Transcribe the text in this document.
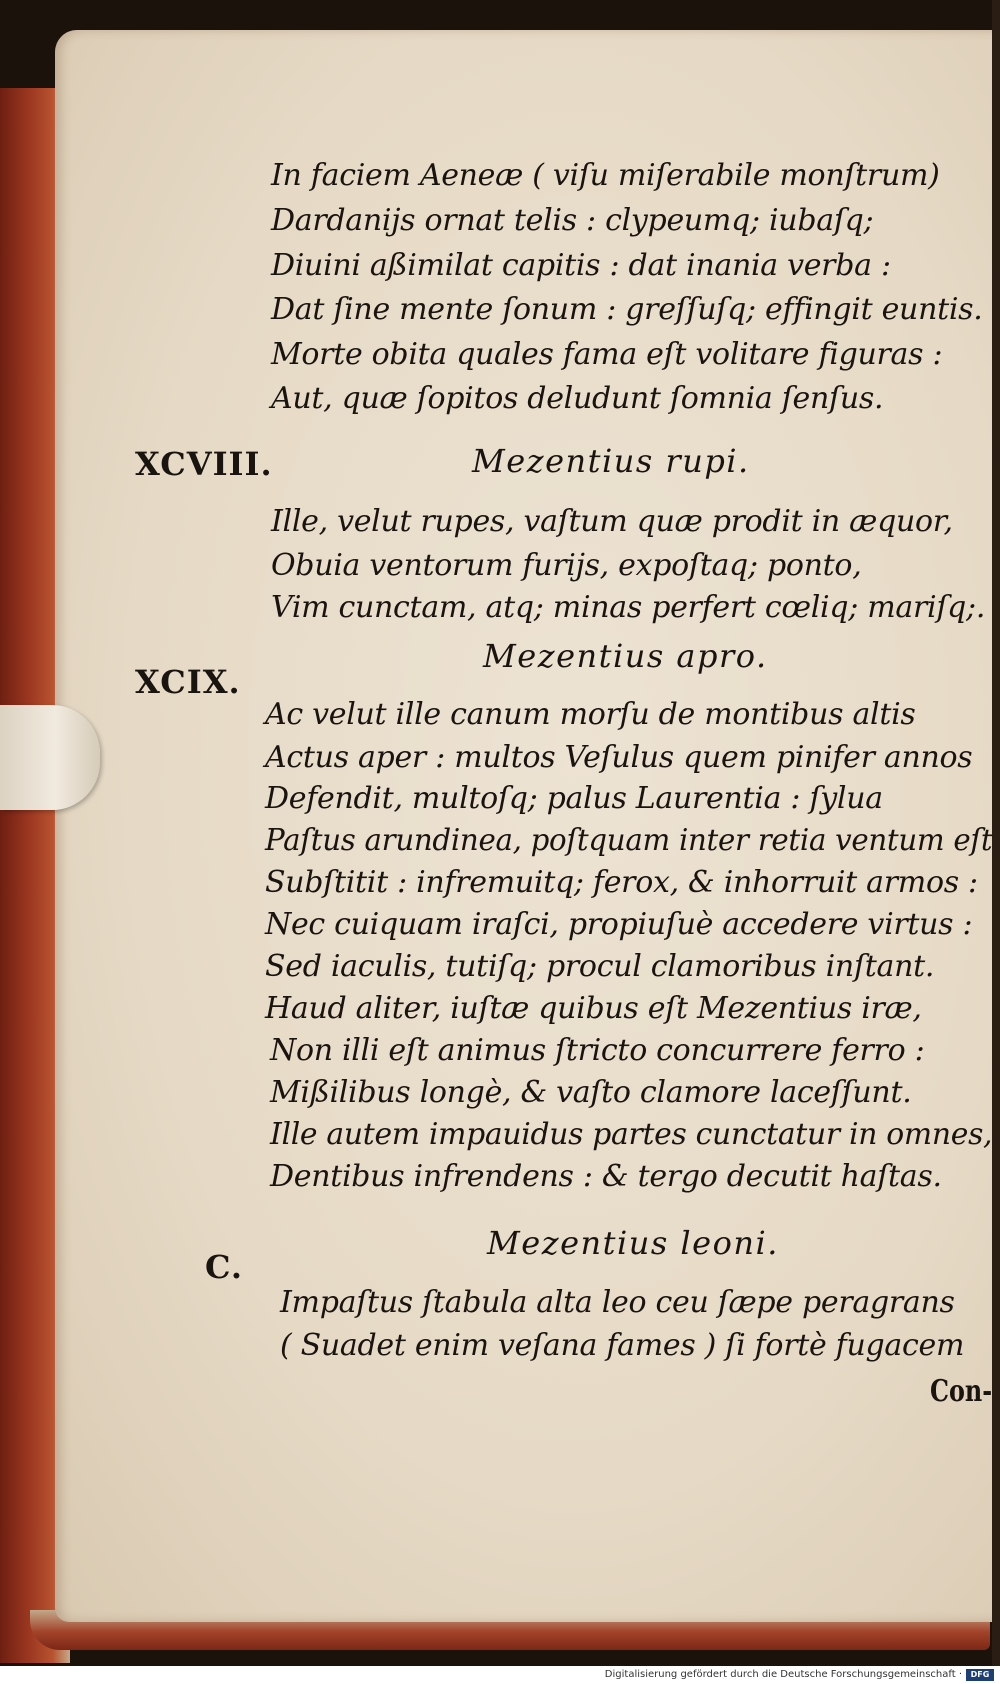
In faciem Aeneæ ( viſu miſerabile monſtrum)
Dardaniјs ornat telis : clypeumq; iubaſq;
Diuini aßimilat capitis : dat inania verba :
Dat ſine mente ſonum : greſſuſq; effingit euntis.
Morte obita quales fama eſt volitare figuras :
Aut, quæ ſopitos deludunt ſomnia ſenſus.
XCVIII.	Mezentius rupi.
Ille, velut rupes, vaſtum quæ prodit in æquor,
Obuia ventorum furiјs, expoſtaq; ponto,
Vim cunctam, atq; minas perfert cœliq; mariſq;.
XCIX.
Mezentius apro.
Ac velut ille canum morſu de montibus altis
Actus aper : multos Veſulus quem pinifer annos
Defendit, multoſq; palus Laurentia : ſylua
Paſtus arundinea, poſtquam inter retia ventum eſt
Subſtitit : infremuitq; ferox, & inhorruit armos :
Nec cuiquam iraſci, propiuſuè accedere virtus :
Sed iaculis, tutiſq; procul clamoribus inſtant.
Haud aliter, iuſtæ quibus eſt Mezentius iræ,
Non illi eſt animus ſtricto concurrere ferro :
Mißilibus longè, & vaſto clamore laceſſunt.
Ille autem impauidus partes cunctatur in omnes,
Dentibus infrendens : & tergo decutit haſtas.
C.
Mezentius leoni.
Impaſtus ſtabula alta leo ceu ſæpe peragrans
( Suadet enim veſana fames ) ſi fortè fugacem
Con-
Digitalisierung gefördert durch die Deutsche Forschungsgemeinschaft ·	DFG
